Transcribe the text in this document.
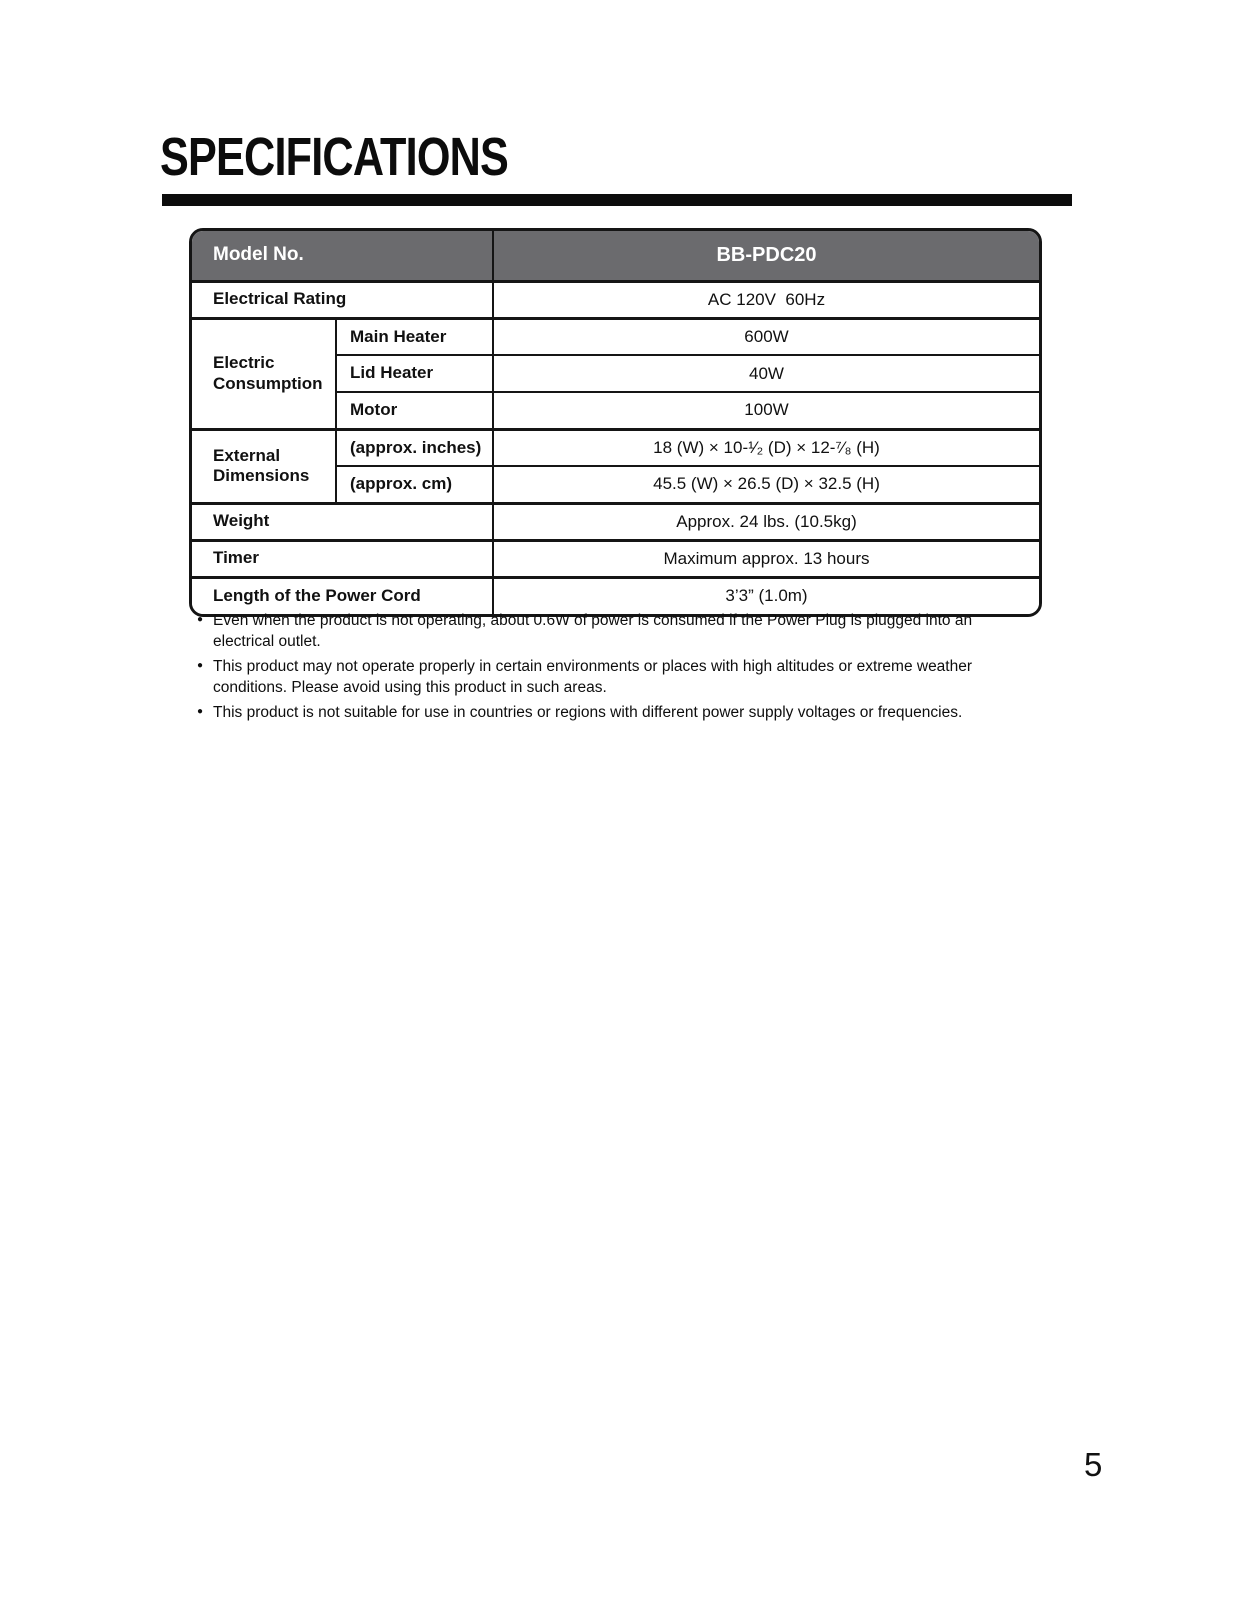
SPECIFICATIONS
Model No.		BB-PDC20
Electrical Rating		AC 120V  60Hz
Electric Consumption	Main Heater	600W
	Lid Heater	40W
	Motor	100W
External Dimensions	(approx. inches)	18 (W) × 10-¹⁄₂ (D) × 12-⁷⁄₈ (H)
	(approx. cm)	45.5 (W) × 26.5 (D) × 32.5 (H)
Weight		Approx. 24 lbs. (10.5kg)
Timer		Maximum approx. 13 hours
Length of the Power Cord		3’3” (1.0m)
● Even when the product is not operating, about 0.6W of power is consumed if the Power Plug is plugged into an electrical outlet.
● This product may not operate properly in certain environments or places with high altitudes or extreme weather conditions. Please avoid using this product in such areas.
● This product is not suitable for use in countries or regions with different power supply voltages or frequencies.
5
